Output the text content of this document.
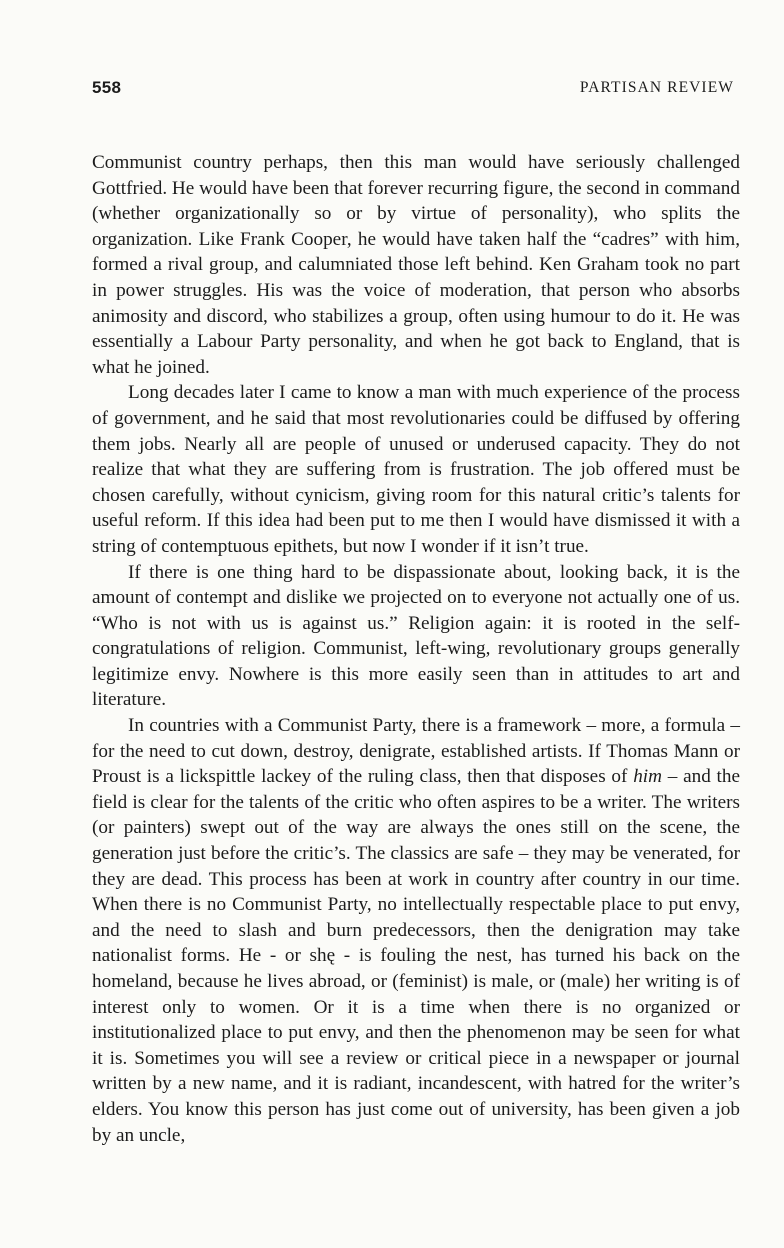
558	PARTISAN REVIEW

Communist country perhaps, then this man would have seriously challenged Gottfried. He would have been that forever recurring figure, the second in command (whether organizationally so or by virtue of personality), who splits the organization. Like Frank Cooper, he would have taken half the “cadres” with him, formed a rival group, and calumniated those left behind. Ken Graham took no part in power struggles. His was the voice of moderation, that person who absorbs animosity and discord, who stabilizes a group, often using humour to do it. He was essentially a Labour Party personality, and when he got back to England, that is what he joined.

Long decades later I came to know a man with much experience of the process of government, and he said that most revolutionaries could be diffused by offering them jobs. Nearly all are people of unused or underused capacity. They do not realize that what they are suffering from is frustration. The job offered must be chosen carefully, without cynicism, giving room for this natural critic’s talents for useful reform. If this idea had been put to me then I would have dismissed it with a string of contemptuous epithets, but now I wonder if it isn’t true.

If there is one thing hard to be dispassionate about, looking back, it is the amount of contempt and dislike we projected on to everyone not actually one of us. “Who is not with us is against us.” Religion again: it is rooted in the self-congratulations of religion. Communist, left-wing, revolutionary groups generally legitimize envy. Nowhere is this more easily seen than in attitudes to art and literature.

In countries with a Communist Party, there is a framework – more, a formula – for the need to cut down, destroy, denigrate, established artists. If Thomas Mann or Proust is a lickspittle lackey of the ruling class, then that disposes of him – and the field is clear for the talents of the critic who often aspires to be a writer. The writers (or painters) swept out of the way are always the ones still on the scene, the generation just before the critic’s. The classics are safe – they may be venerated, for they are dead. This process has been at work in country after country in our time. When there is no Communist Party, no intellectually respectable place to put envy, and the need to slash and burn predecessors, then the denigration may take nationalist forms. He - or shę - is fouling the nest, has turned his back on the homeland, because he lives abroad, or (feminist) is male, or (male) her writing is of interest only to women. Or it is a time when there is no organized or institutionalized place to put envy, and then the phenomenon may be seen for what it is. Sometimes you will see a review or critical piece in a newspaper or journal written by a new name, and it is radiant, incandescent, with hatred for the writer’s elders. You know this person has just come out of university, has been given a job by an uncle,
